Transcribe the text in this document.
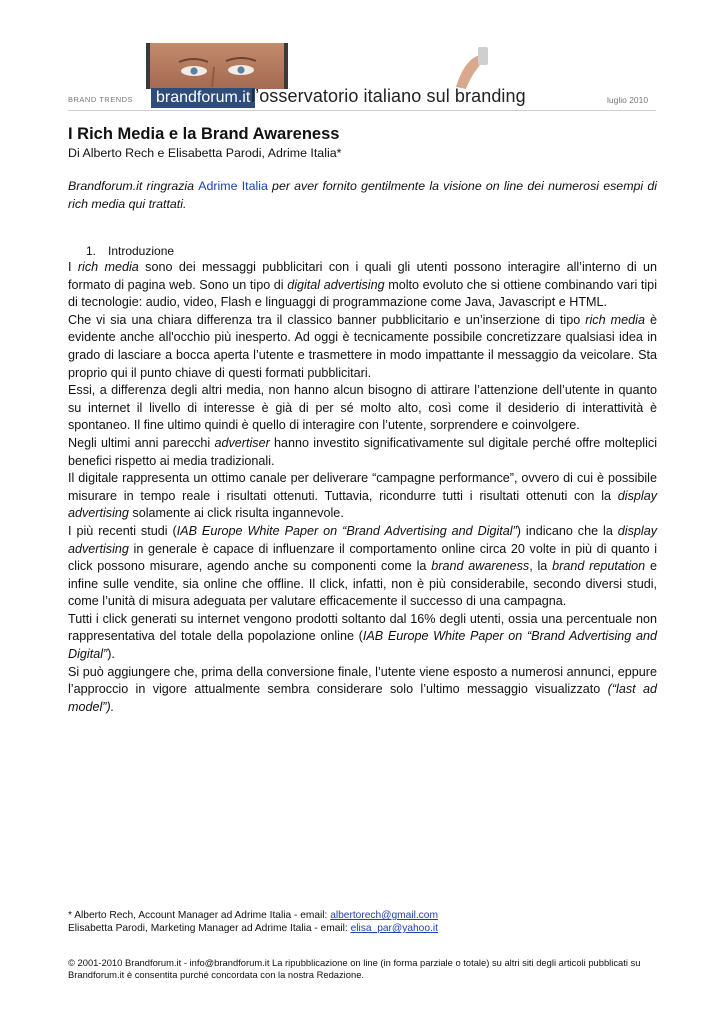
BRAND TRENDS	brandforum.it l’osservatorio italiano sul branding	luglio 2010
I Rich Media e la Brand Awareness
Di Alberto Rech e Elisabetta Parodi, Adrime Italia*

Brandforum.it ringrazia Adrime Italia per aver fornito gentilmente la visione on line dei numerosi esempi di rich media qui trattati.

1. Introduzione

I rich media sono dei messaggi pubblicitari con i quali gli utenti possono interagire all’interno di un formato di pagina web. Sono un tipo di digital advertising molto evoluto che si ottiene combinando vari tipi di tecnologie: audio, video, Flash e linguaggi di programmazione come Java, Javascript e HTML.

Che vi sia una chiara differenza tra il classico banner pubblicitario e un’inserzione di tipo rich media è evidente anche all'occhio più inesperto. Ad oggi è tecnicamente possibile concretizzare qualsiasi idea in grado di lasciare a bocca aperta l’utente e trasmettere in modo impattante il messaggio da veicolare. Sta proprio qui il punto chiave di questi formati pubblicitari.

Essi, a differenza degli altri media, non hanno alcun bisogno di attirare l’attenzione dell’utente in quanto su internet il livello di interesse è già di per sé molto alto, così come il desiderio di interattività è spontaneo. Il fine ultimo quindi è quello di interagire con l’utente, sorprendere e coinvolgere.

Negli ultimi anni parecchi advertiser hanno investito significativamente sul digitale perché offre molteplici benefici rispetto ai media tradizionali.

Il digitale rappresenta un ottimo canale per deliverare “campagne performance”, ovvero di cui è possibile misurare in tempo reale i risultati ottenuti. Tuttavia, ricondurre tutti i risultati ottenuti con la display advertising solamente ai click risulta ingannevole.

I più recenti studi (IAB Europe White Paper on “Brand Advertising and Digital”) indicano che la display advertising in generale è capace di influenzare il comportamento online circa 20 volte in più di quanto i click possono misurare, agendo anche su componenti come la brand awareness, la brand reputation e infine sulle vendite, sia online che offline. Il click, infatti, non è più considerabile, secondo diversi studi, come l’unità di misura adeguata per valutare efficacemente il successo di una campagna.

Tutti i click generati su internet vengono prodotti soltanto dal 16% degli utenti, ossia una percentuale non rappresentativa del totale della popolazione online (IAB Europe White Paper on “Brand Advertising and Digital”).

Si può aggiungere che, prima della conversione finale, l’utente viene esposto a numerosi annunci, eppure l’approccio in vigore attualmente sembra considerare solo l’ultimo messaggio visualizzato (“last ad model”).

* Alberto Rech, Account Manager ad Adrime Italia - email: albertorech@gmail.com
Elisabetta Parodi, Marketing Manager ad Adrime Italia - email: elisa_par@yahoo.it
© 2001-2010 Brandforum.it - info@brandforum.it La ripubblicazione on line (in forma parziale o totale) su altri siti degli articoli pubblicati su Brandforum.it è consentita purché concordata con la nostra Redazione.
